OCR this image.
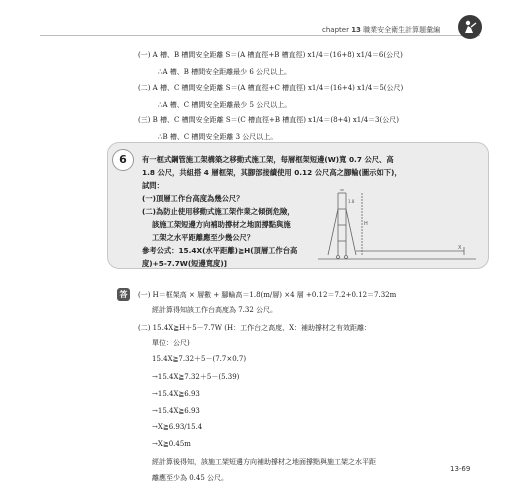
chapter 13 職業安全衛生計算題彙編
(一) A 槽、B 槽間安全距離 S＝(A 槽直徑+B 槽直徑) x1/4＝(16+8) x1/4＝6(公尺)
∴A 槽、B 槽間安全距離最少 6 公尺以上。
(二) A 槽、C 槽間安全距離 S＝(A 槽直徑+C 槽直徑) x1/4＝(16+4) x1/4＝5(公尺)
∴A 槽、C 槽間安全距離最少 5 公尺以上。
(三) B 槽、C 槽間安全距離 S＝(C 槽直徑+B 槽直徑) x1/4＝(8+4) x1/4＝3(公尺)
∴B 槽、C 槽間安全距離 3 公尺以上。
6	有一框式鋼管施工架構築之移動式施工架，每層框架短邊(W)寬 0.7 公尺、高
1.8 公尺，共組搭 4 層框架，其腳部接續使用 0.12 公尺高之腳輪(圖示如下)，
試問：
(一)頂層工作台高度為幾公尺？
(二)為防止使用移動式施工架作業之傾倒危險，
該施工架短邊方向補助撐材之地面撐點與施
工架之水平距離應至少幾公尺？
參考公式：15.4X(水平距離)≧H(頂層工作台高
度)+5-7.7W(短邊寬度)]
H
W
X
1.8
答	(一) H＝框架高 × 層數 + 腳輪高＝1.8(m/層) ×4 層 +0.12＝7.2+0.12＝7.32m
經計算得知該工作台高度為 7.32 公尺。
(二) 15.4X≧H＋5－7.7W (H：工作台之高度、X：補助撐材之有效距離：
單位：公尺)
15.4X≧7.32＋5－(7.7×0.7)
→15.4X≧7.32＋5－(5.39)
→15.4X≧6.93
→15.4X≧6.93
→X≧6.93/15.4
→X≧0.45m
經計算後得知，該施工架短邊方向補助撐材之地面撐點與施工架之水平距
離應至少為 0.45 公尺。
13-69
